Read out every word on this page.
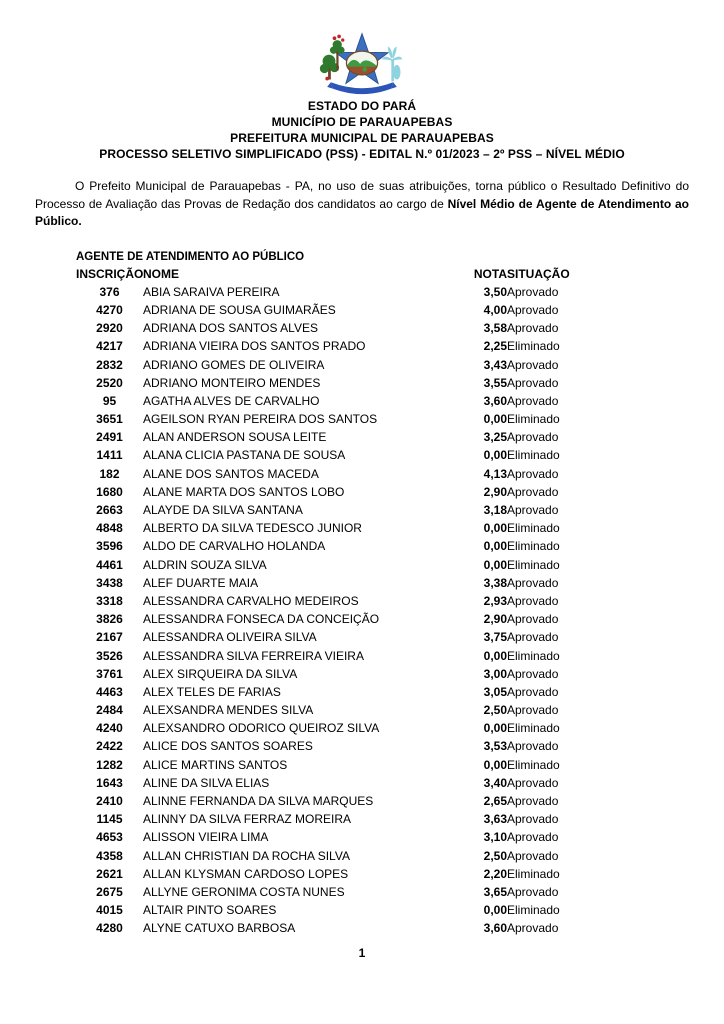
ESTADO DO PARÁ
MUNICÍPIO DE PARAUAPEBAS
PREFEITURA MUNICIPAL DE PARAUAPEBAS
PROCESSO SELETIVO SIMPLIFICADO (PSS) - EDITAL N.º 01/2023 – 2º PSS – NÍVEL MÉDIO

O Prefeito Municipal de Parauapebas - PA, no uso de suas atribuições, torna público o Resultado Definitivo do Processo de Avaliação das Provas de Redação dos candidatos ao cargo de Nível Médio de Agente de Atendimento ao Público.

AGENTE DE ATENDIMENTO AO PÚBLICO
INSCRIÇÃO	NOME	NOTA	SITUAÇÃO
376	ABIA SARAIVA PEREIRA	3,50	Aprovado
4270	ADRIANA DE SOUSA GUIMARÃES	4,00	Aprovado
2920	ADRIANA DOS SANTOS ALVES	3,58	Aprovado
4217	ADRIANA VIEIRA DOS SANTOS PRADO	2,25	Eliminado
2832	ADRIANO GOMES DE OLIVEIRA	3,43	Aprovado
2520	ADRIANO MONTEIRO MENDES	3,55	Aprovado
95	AGATHA ALVES DE CARVALHO	3,60	Aprovado
3651	AGEILSON RYAN PEREIRA DOS SANTOS	0,00	Eliminado
2491	ALAN ANDERSON SOUSA LEITE	3,25	Aprovado
1411	ALANA CLICIA PASTANA DE SOUSA	0,00	Eliminado
182	ALANE DOS SANTOS MACEDA	4,13	Aprovado
1680	ALANE MARTA DOS SANTOS LOBO	2,90	Aprovado
2663	ALAYDE DA SILVA SANTANA	3,18	Aprovado
4848	ALBERTO DA SILVA TEDESCO JUNIOR	0,00	Eliminado
3596	ALDO DE CARVALHO HOLANDA	0,00	Eliminado
4461	ALDRIN SOUZA SILVA	0,00	Eliminado
3438	ALEF DUARTE MAIA	3,38	Aprovado
3318	ALESSANDRA CARVALHO MEDEIROS	2,93	Aprovado
3826	ALESSANDRA FONSECA DA CONCEIÇÃO	2,90	Aprovado
2167	ALESSANDRA OLIVEIRA SILVA	3,75	Aprovado
3526	ALESSANDRA SILVA FERREIRA VIEIRA	0,00	Eliminado
3761	ALEX SIRQUEIRA DA SILVA	3,00	Aprovado
4463	ALEX TELES DE FARIAS	3,05	Aprovado
2484	ALEXSANDRA MENDES SILVA	2,50	Aprovado
4240	ALEXSANDRO ODORICO QUEIROZ SILVA	0,00	Eliminado
2422	ALICE DOS SANTOS SOARES	3,53	Aprovado
1282	ALICE MARTINS SANTOS	0,00	Eliminado
1643	ALINE DA SILVA ELIAS	3,40	Aprovado
2410	ALINNE FERNANDA DA SILVA MARQUES	2,65	Aprovado
1145	ALINNY DA SILVA FERRAZ MOREIRA	3,63	Aprovado
4653	ALISSON VIEIRA LIMA	3,10	Aprovado
4358	ALLAN CHRISTIAN DA ROCHA SILVA	2,50	Aprovado
2621	ALLAN KLYSMAN CARDOSO LOPES	2,20	Eliminado
2675	ALLYNE GERONIMA COSTA NUNES	3,65	Aprovado
4015	ALTAIR PINTO SOARES	0,00	Eliminado
4280	ALYNE CATUXO BARBOSA	3,60	Aprovado
1
